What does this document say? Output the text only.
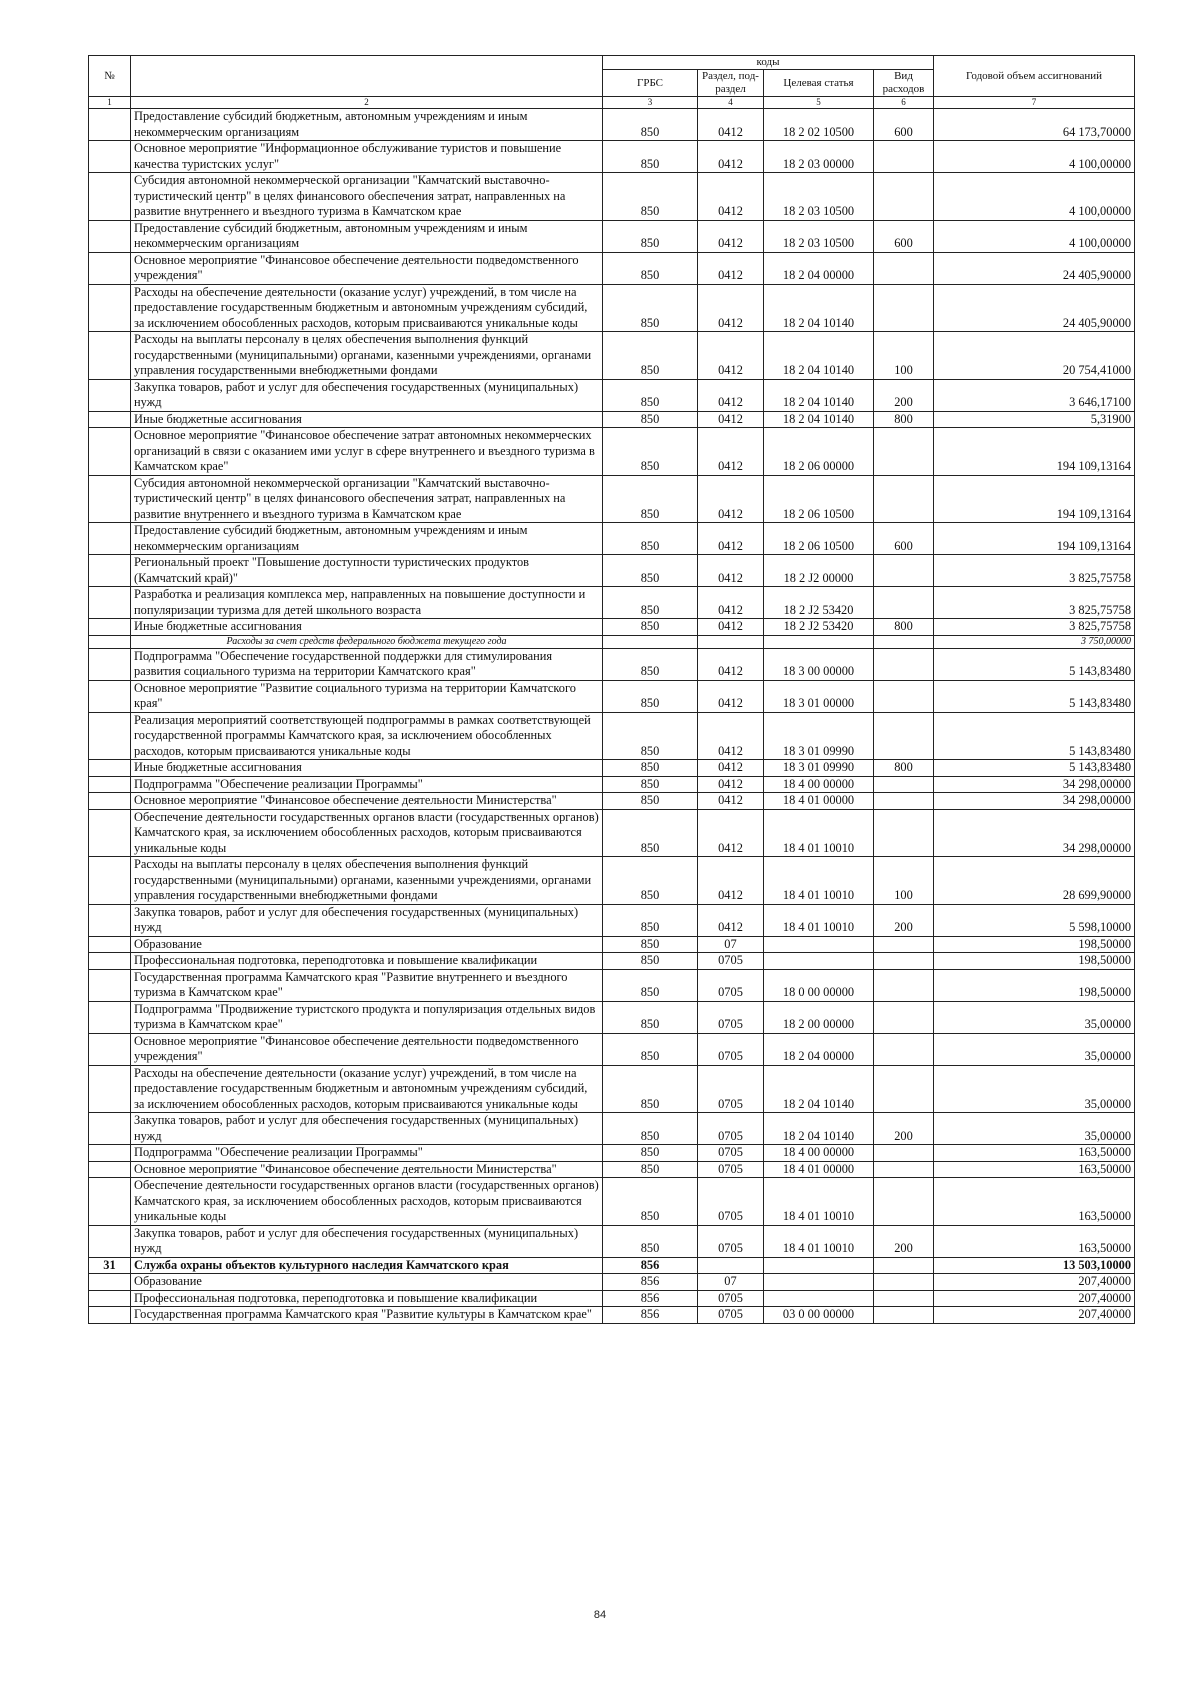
№		коды				Годовой объем ассигнований
		ГРБС	Раздел, под-раздел	Целевая статья	Вид расходов	
1	2	3	4	5	6	7
	Предоставление субсидий бюджетным, автономным учреждениям и иным некоммерческим организациям	850	0412	18 2 02 10500	600	64 173,70000
	Основное мероприятие "Информационное обслуживание туристов и повышение качества туристских услуг"	850	0412	18 2 03 00000		4 100,00000
	Субсидия автономной некоммерческой организации "Камчатский выставочно-туристический центр" в целях финансового обеспечения затрат, направленных на развитие внутреннего и въездного туризма в Камчатском крае	850	0412	18 2 03 10500		4 100,00000
	Предоставление субсидий бюджетным, автономным учреждениям и иным некоммерческим организациям	850	0412	18 2 03 10500	600	4 100,00000
	Основное мероприятие "Финансовое обеспечение деятельности подведомственного учреждения"	850	0412	18 2 04 00000		24 405,90000
	Расходы на обеспечение деятельности (оказание услуг) учреждений, в том числе на предоставление государственным бюджетным и автономным учреждениям субсидий, за исключением обособленных расходов, которым присваиваются уникальные коды	850	0412	18 2 04 10140		24 405,90000
	Расходы на выплаты персоналу в целях обеспечения выполнения функций государственными (муниципальными) органами, казенными учреждениями, органами управления государственными внебюджетными фондами	850	0412	18 2 04 10140	100	20 754,41000
	Закупка товаров, работ и услуг для обеспечения государственных (муниципальных) нужд	850	0412	18 2 04 10140	200	3 646,17100
	Иные бюджетные ассигнования	850	0412	18 2 04 10140	800	5,31900
	Основное мероприятие "Финансовое обеспечение затрат автономных некоммерческих организаций в связи с оказанием ими услуг в сфере внутреннего и въездного туризма в Камчатском крае"	850	0412	18 2 06 00000		194 109,13164
	Субсидия автономной некоммерческой организации "Камчатский выставочно-туристический центр" в целях финансового обеспечения затрат, направленных на развитие внутреннего и въездного туризма в Камчатском крае	850	0412	18 2 06 10500		194 109,13164
	Предоставление субсидий бюджетным, автономным учреждениям и иным некоммерческим организациям	850	0412	18 2 06 10500	600	194 109,13164
	Региональный проект "Повышение доступности туристических продуктов (Камчатский край)"	850	0412	18 2 J2 00000		3 825,75758
	Разработка и реализация комплекса мер, направленных на повышение доступности и популяризации туризма для детей школьного возраста	850	0412	18 2 J2 53420		3 825,75758
	Иные бюджетные ассигнования	850	0412	18 2 J2 53420	800	3 825,75758
	Расходы за счет средств федерального бюджета текущего года					3 750,00000
	Подпрограмма "Обеспечение государственной поддержки для стимулирования развития социального туризма на территории Камчатского края"	850	0412	18 3 00 00000		5 143,83480
	Основное мероприятие "Развитие социального туризма на территории Камчатского края"	850	0412	18 3 01 00000		5 143,83480
	Реализация мероприятий соответствующей подпрограммы в рамках соответствующей государственной программы Камчатского края, за исключением обособленных расходов, которым присваиваются уникальные коды	850	0412	18 3 01 09990		5 143,83480
	Иные бюджетные ассигнования	850	0412	18 3 01 09990	800	5 143,83480
	Подпрограмма "Обеспечение реализации Программы"	850	0412	18 4 00 00000		34 298,00000
	Основное мероприятие "Финансовое обеспечение деятельности Министерства"	850	0412	18 4 01 00000		34 298,00000
	Обеспечение деятельности государственных органов власти (государственных органов) Камчатского края, за исключением обособленных расходов, которым присваиваются уникальные коды	850	0412	18 4 01 10010		34 298,00000
	Расходы на выплаты персоналу в целях обеспечения выполнения функций государственными (муниципальными) органами, казенными учреждениями, органами управления государственными внебюджетными фондами	850	0412	18 4 01 10010	100	28 699,90000
	Закупка товаров, работ и услуг для обеспечения государственных (муниципальных) нужд	850	0412	18 4 01 10010	200	5 598,10000
	Образование	850	07			198,50000
	Профессиональная подготовка, переподготовка и повышение квалификации	850	0705			198,50000
	Государственная программа Камчатского края "Развитие внутреннего и въездного туризма в Камчатском крае"	850	0705	18 0 00 00000		198,50000
	Подпрограмма "Продвижение туристского продукта и популяризация отдельных видов туризма в Камчатском крае"	850	0705	18 2 00 00000		35,00000
	Основное мероприятие "Финансовое обеспечение деятельности подведомственного учреждения"	850	0705	18 2 04 00000		35,00000
	Расходы на обеспечение деятельности (оказание услуг) учреждений, в том числе на предоставление государственным бюджетным и автономным учреждениям субсидий, за исключением обособленных расходов, которым присваиваются уникальные коды	850	0705	18 2 04 10140		35,00000
	Закупка товаров, работ и услуг для обеспечения государственных (муниципальных) нужд	850	0705	18 2 04 10140	200	35,00000
	Подпрограмма "Обеспечение реализации Программы"	850	0705	18 4 00 00000		163,50000
	Основное мероприятие "Финансовое обеспечение деятельности Министерства"	850	0705	18 4 01 00000		163,50000
	Обеспечение деятельности государственных органов власти (государственных органов) Камчатского края, за исключением обособленных расходов, которым присваиваются уникальные коды	850	0705	18 4 01 10010		163,50000
	Закупка товаров, работ и услуг для обеспечения государственных (муниципальных) нужд	850	0705	18 4 01 10010	200	163,50000
31	Служба охраны объектов культурного наследия Камчатского края	856				13 503,10000
	Образование	856	07			207,40000
	Профессиональная подготовка, переподготовка и повышение квалификации	856	0705			207,40000
	Государственная программа Камчатского края "Развитие культуры в Камчатском крае"	856	0705	03 0 00 00000		207,40000
84
